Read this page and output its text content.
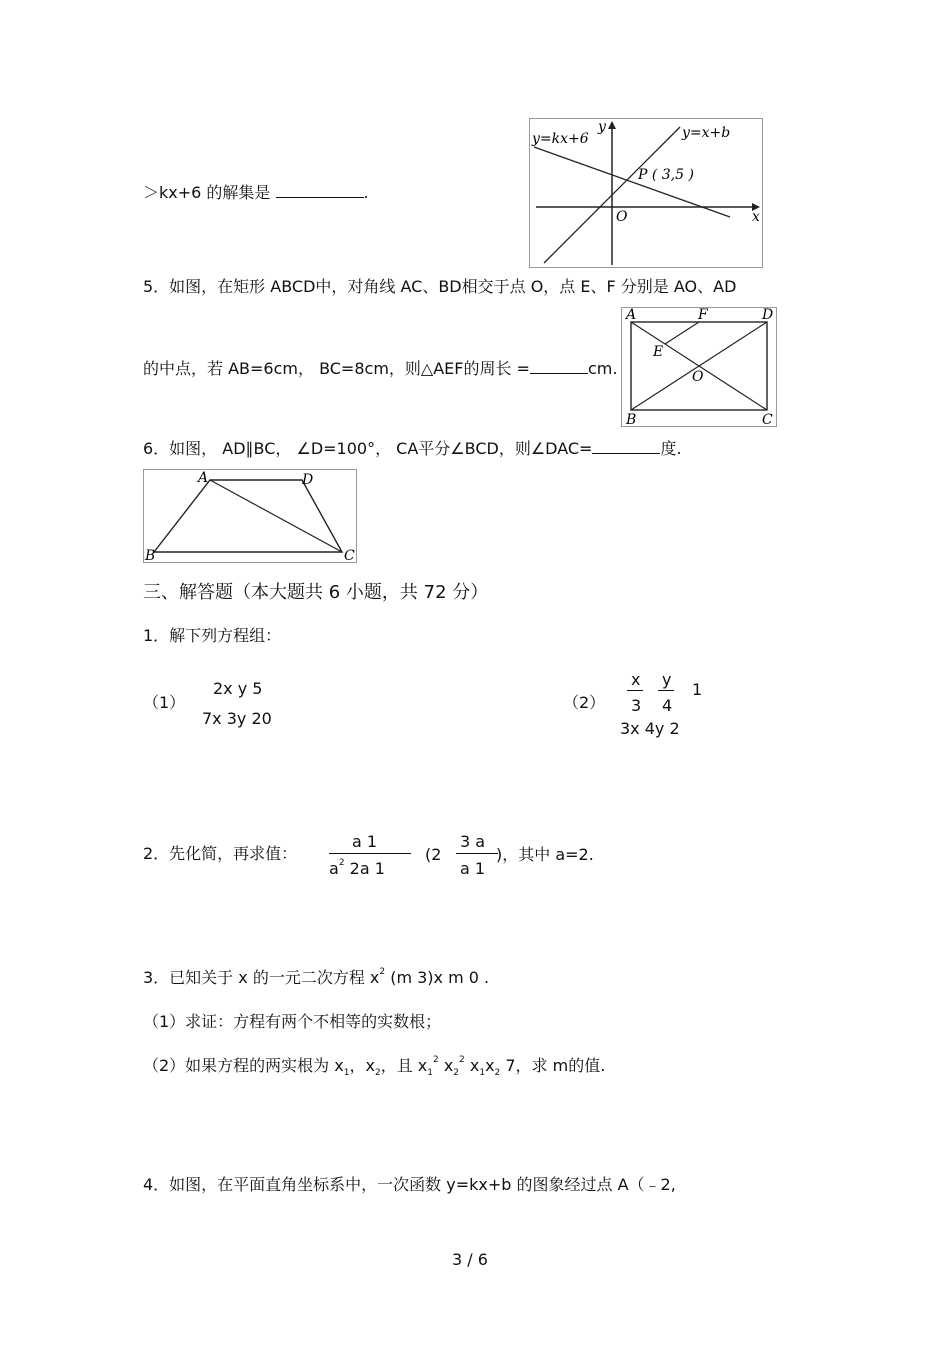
＞kx+6 的解集是	.
y=kx+6	y=x+b
y
x
O
P ( 3,5 )
5．如图，在矩形 ABCD中，对角线 AC、BD相交于点 O，点 E、F 分别是 AO、AD
的中点，若 AB=6cm， BC=8cm，则△AEF的周长 =	cm.
A	F	D
E
O
B	C
6．如图， AD∥BC， ∠D=100°， CA平分∠BCD，则∠DAC=	度.
A	D
B	C
三、解答题（本大题共 6 小题，共 72 分）
1．解下列方程组：
（1）
2x y 5
7x 3y 20
（2）
x
3
y
4
1
3x 4y 2
2．先化简，再求值：
a 1
$a^2$ 2a 1
(2
3 a
a 1
)，其中 a=2.
3．已知关于 x 的一元二次方程 $x^2$ (m 3)x m 0 .
（1）求证：方程有两个不相等的实数根；
（2）如果方程的两实根为 $x_1$，$x_2$，且 $x_1^2$ $x_2^2$ $x_1x_2$ 7，求 m的值.
4．如图，在平面直角坐标系中，一次函数 y=kx+b 的图象经过点 A（﹣2,
3 / 6
